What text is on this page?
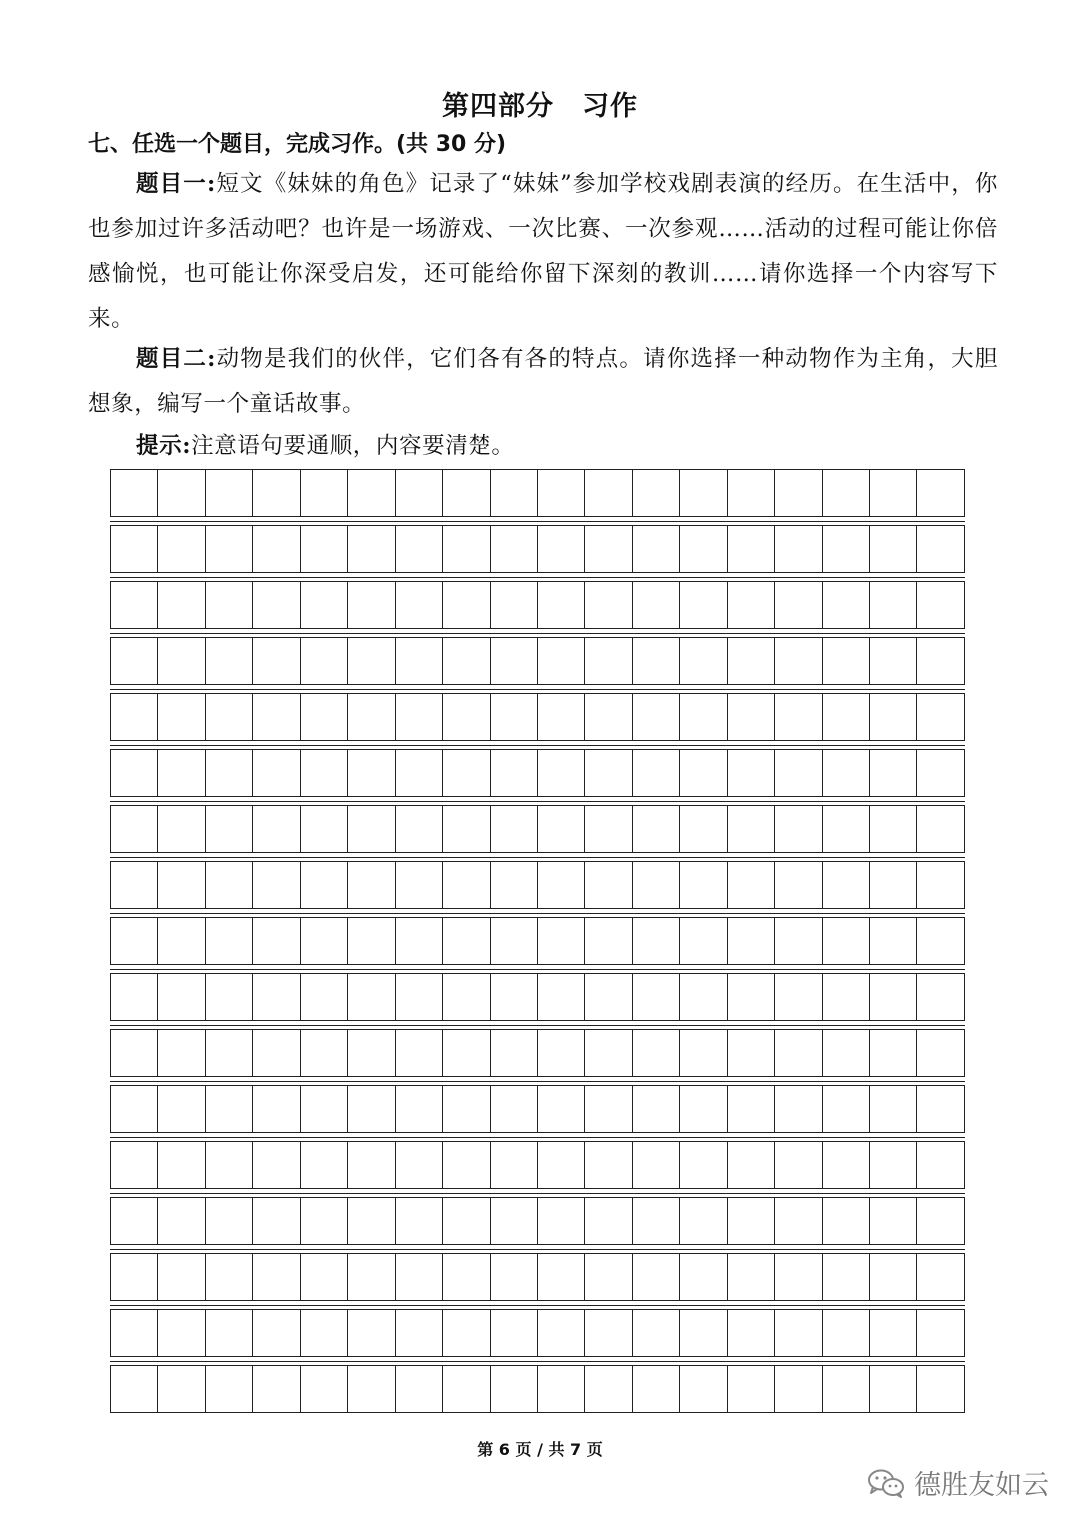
第四部分　习作
七、任选一个题目，完成习作。(共 30 分)

题目一:短文《妹妹的角色》记录了“妹妹”参加学校戏剧表演的经历。在生活中，你也参加过许多活动吧？也许是一场游戏、一次比赛、一次参观……活动的过程可能让你倍感愉悦，也可能让你深受启发，还可能给你留下深刻的教训……请你选择一个内容写下来。

题目二:动物是我们的伙伴，它们各有各的特点。请你选择一种动物作为主角，大胆想象，编写一个童话故事。

提示:注意语句要通顺，内容要清楚。

第 6 页 / 共 7 页
德胜友如云
